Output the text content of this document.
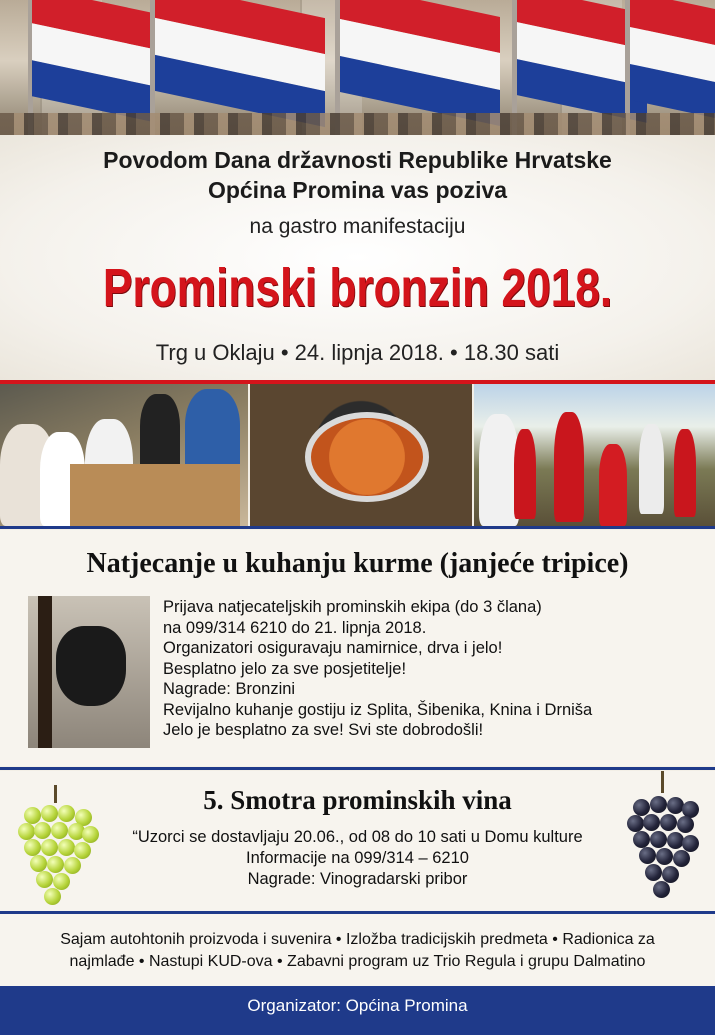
Povodom Dana državnosti Republike Hrvatske
Općina Promina vas poziva
na gastro manifestaciju
Prominski bronzin 2018.
Trg u Oklaju • 24. lipnja 2018. • 18.30 sati
Natjecanje u kuhanju kurme (janjeće tripice)
Prijava natjecateljskih prominskih ekipa (do 3 člana)
na 099/314 6210 do 21. lipnja 2018.
Organizatori osiguravaju namirnice, drva i jelo!
Besplatno jelo za sve posjetitelje!
Nagrade: Bronzini
Revijalno kuhanje gostiju iz Splita, Šibenika, Knina i Drniša
Jelo je besplatno za sve! Svi ste dobrodošli!
5. Smotra prominskih vina
“Uzorci se dostavljaju 20.06., od 08 do 10 sati u Domu kulture
Informacije na 099/314 – 6210
Nagrade: Vinogradarski pribor
Sajam autohtonih proizvoda i suvenira • Izložba tradicijskih predmeta • Radionica za
najmlađe • Nastupi KUD-ova • Zabavni program uz Trio Regula i grupu Dalmatino
Organizator: Općina Promina
